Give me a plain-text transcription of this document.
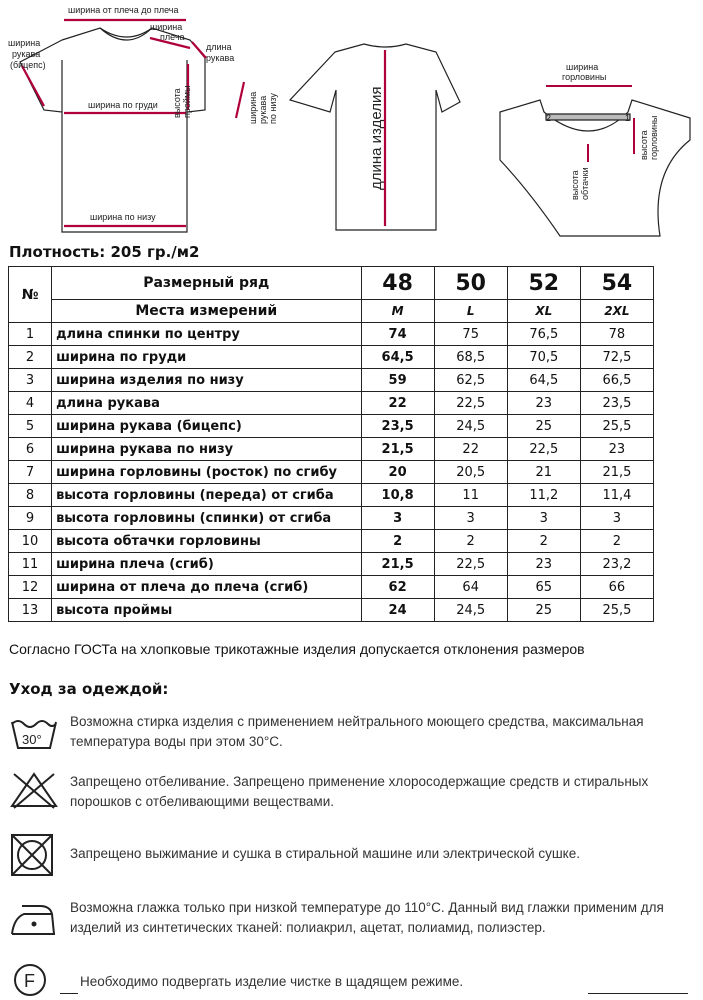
ширина от плеча до плеча
ширина
рукава
(бицепс)
ширина
плеча
длина
рукава
ширина по груди
ширина по низу
высота проймы	ширина рукава по низу	длина изделия
ширина
горловины
2	1
высота горловины
высота обтачки
Плотность: 205 гр./м2
№	Размерный ряд	48	50	52	54
	Места измерений	M	L	XL	2XL
1	длина спинки по центру	74	75	76,5	78
2	ширина по груди	64,5	68,5	70,5	72,5
3	ширина изделия по низу	59	62,5	64,5	66,5
4	длина рукава	22	22,5	23	23,5
5	ширина рукава (бицепс)	23,5	24,5	25	25,5
6	ширина рукава по низу	21,5	22	22,5	23
7	ширина горловины (росток) по сгибу	20	20,5	21	21,5
8	высота горловины (переда) от сгиба	10,8	11	11,2	11,4
9	высота горловины (спинки) от сгиба	3	3	3	3
10	высота обтачки горловины	2	2	2	2
11	ширина плеча (сгиб)	21,5	22,5	23	23,2
12	ширина от плеча до плеча (сгиб)	62	64	65	66
13	высота проймы	24	24,5	25	25,5
Согласно ГОСТа на хлопковые трикотажные изделия допускается отклонения размеров
Уход за одеждой:
30°
Возможна стирка изделия с применением нейтрального моющего средства, максимальная температура воды при этом 30°С.
Запрещено отбеливание. Запрещено применение хлоросодержащие средств и стиральных порошков с отбеливающими веществами.
Запрещено выжимание и сушка в стиральной машине или электрической сушке.
Возможна глажка только при низкой температуре до 110°С. Данный вид глажки применим для изделий из синтетических тканей: полиакрил, ацетат, полиамид, полиэстер.
F	Необходимо подвергать изделие чистке в щадящем режиме.
